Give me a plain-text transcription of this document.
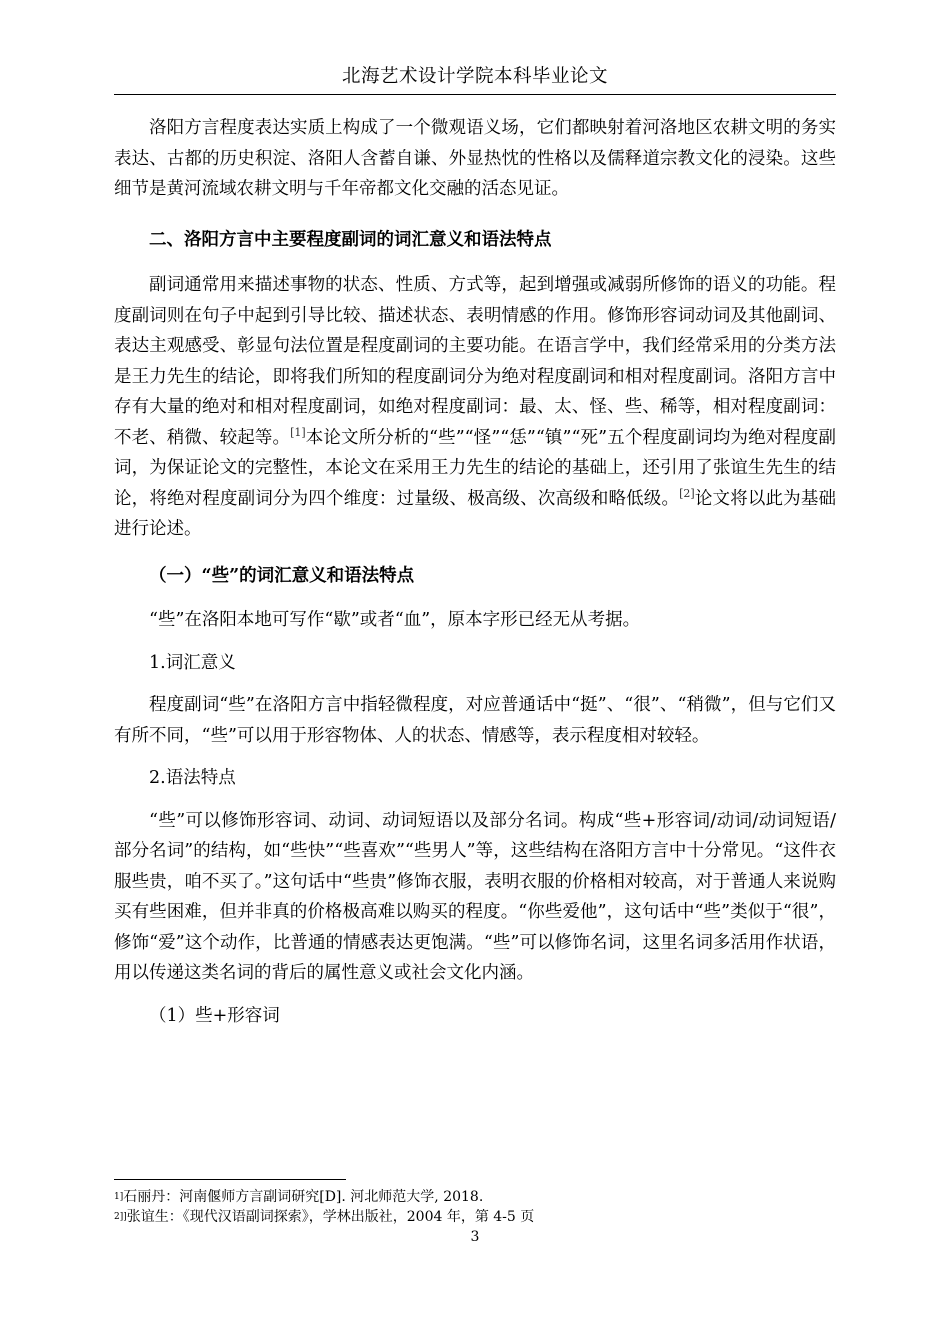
北海艺术设计学院本科毕业论文

洛阳方言程度表达实质上构成了一个微观语义场，它们都映射着河洛地区农耕文明的务实表达、古都的历史积淀、洛阳人含蓄自谦、外显热忱的性格以及儒释道宗教文化的浸染。这些细节是黄河流域农耕文明与千年帝都文化交融的活态见证。

二、洛阳方言中主要程度副词的词汇意义和语法特点

副词通常用来描述事物的状态、性质、方式等，起到增强或减弱所修饰的语义的功能。程度副词则在句子中起到引导比较、描述状态、表明情感的作用。修饰形容词动词及其他副词、表达主观感受、彰显句法位置是程度副词的主要功能。在语言学中，我们经常采用的分类方法是王力先生的结论，即将我们所知的程度副词分为绝对程度副词和相对程度副词。洛阳方言中存有大量的绝对和相对程度副词，如绝对程度副词：最、太、怪、些、稀等，相对程度副词：不老、稍微、较起等。[1]本论文所分析的“些”“怪”“恁”“镇”“死”五个程度副词均为绝对程度副词，为保证论文的完整性，本论文在采用王力先生的结论的基础上，还引用了张谊生先生的结论，将绝对程度副词分为四个维度：过量级、极高级、次高级和略低级。[2]论文将以此为基础进行论述。

（一）“些”的词汇意义和语法特点

“些”在洛阳本地可写作“歇”或者“血”，原本字形已经无从考据。

1.词汇意义

程度副词“些”在洛阳方言中指轻微程度，对应普通话中“挺”、“很”、“稍微”，但与它们又有所不同，“些”可以用于形容物体、人的状态、情感等，表示程度相对较轻。

2.语法特点

“些”可以修饰形容词、动词、动词短语以及部分名词。构成“些+形容词/动词/动词短语/部分名词”的结构，如“些快”“些喜欢”“些男人”等，这些结构在洛阳方言中十分常见。“这件衣服些贵，咱不买了。”这句话中“些贵”修饰衣服，表明衣服的价格相对较高，对于普通人来说购买有些困难，但并非真的价格极高难以购买的程度。“你些爱他”，这句话中“些”类似于“很”，修饰“爱”这个动作，比普通的情感表达更饱满。“些”可以修饰名词，这里名词多活用作状语，用以传递这类名词的背后的属性意义或社会文化内涵。

（1）些+形容词

$^{1]}$石丽丹：河南偃师方言副词研究[D]. 河北师范大学, 2018.
$^{2]]}$张谊生：《现代汉语副词探索》，学林出版社，2004 年，第 4-5 页
3
